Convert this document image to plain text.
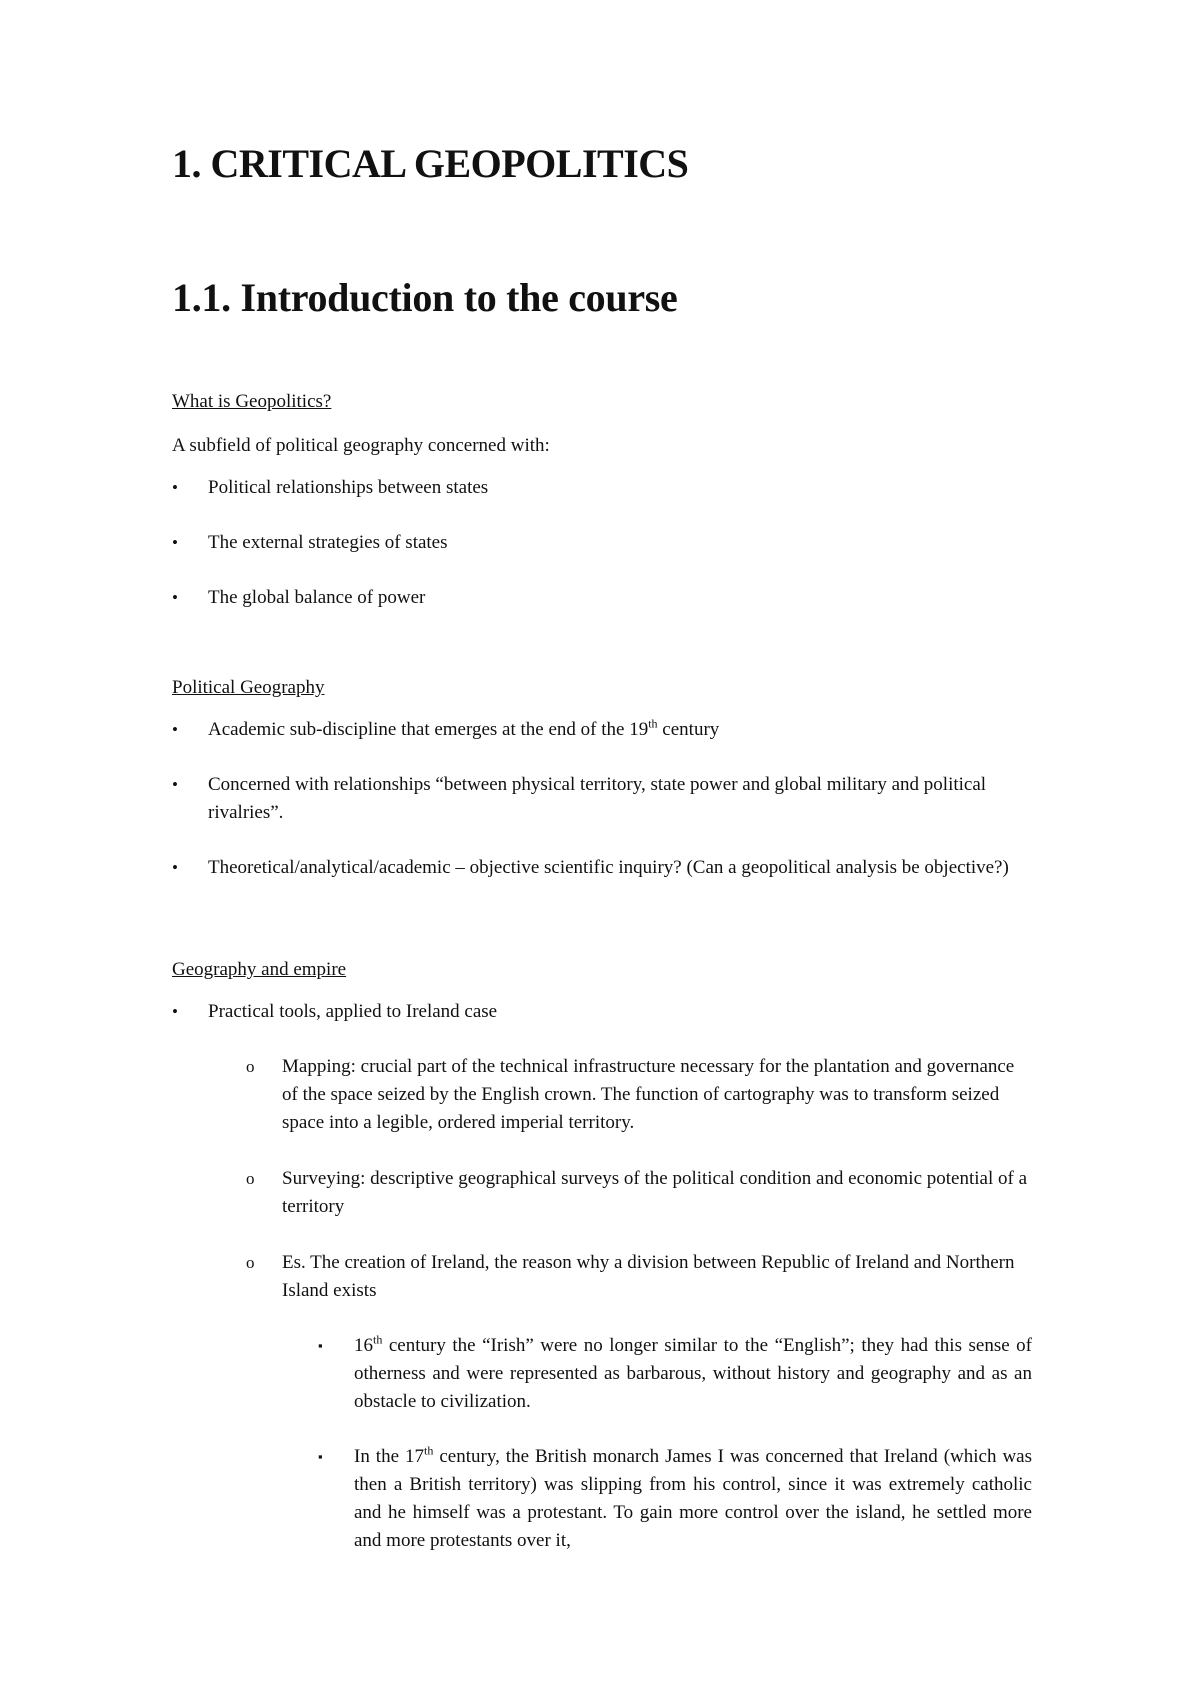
1. CRITICAL GEOPOLITICS
1.1. Introduction to the course
What is Geopolitics?
A subfield of political geography concerned with:
•	Political relationships between states
•	The external strategies of states
•	The global balance of power
Political Geography
•	Academic sub-discipline that emerges at the end of the 19th century
•	Concerned with relationships “between physical territory, state power and global military and political rivalries”.
•	Theoretical/analytical/academic – objective scientific inquiry? (Can a geopolitical analysis be objective?)
Geography and empire
•	Practical tools, applied to Ireland case
o	Mapping: crucial part of the technical infrastructure necessary for the plantation and governance of the space seized by the English crown. The function of cartography was to transform seized space into a legible, ordered imperial territory.
o	Surveying: descriptive geographical surveys of the political condition and economic potential of a territory
o	Es. The creation of Ireland, the reason why a division between Republic of Ireland and Northern Island exists
▪	16th century the “Irish” were no longer similar to the “English”; they had this sense of otherness and were represented as barbarous, without history and geography and as an obstacle to civilization.
▪	In the 17th century, the British monarch James I was concerned that Ireland (which was then a British territory) was slipping from his control, since it was extremely catholic and he himself was a protestant. To gain more control over the island, he settled more and more protestants over it,
